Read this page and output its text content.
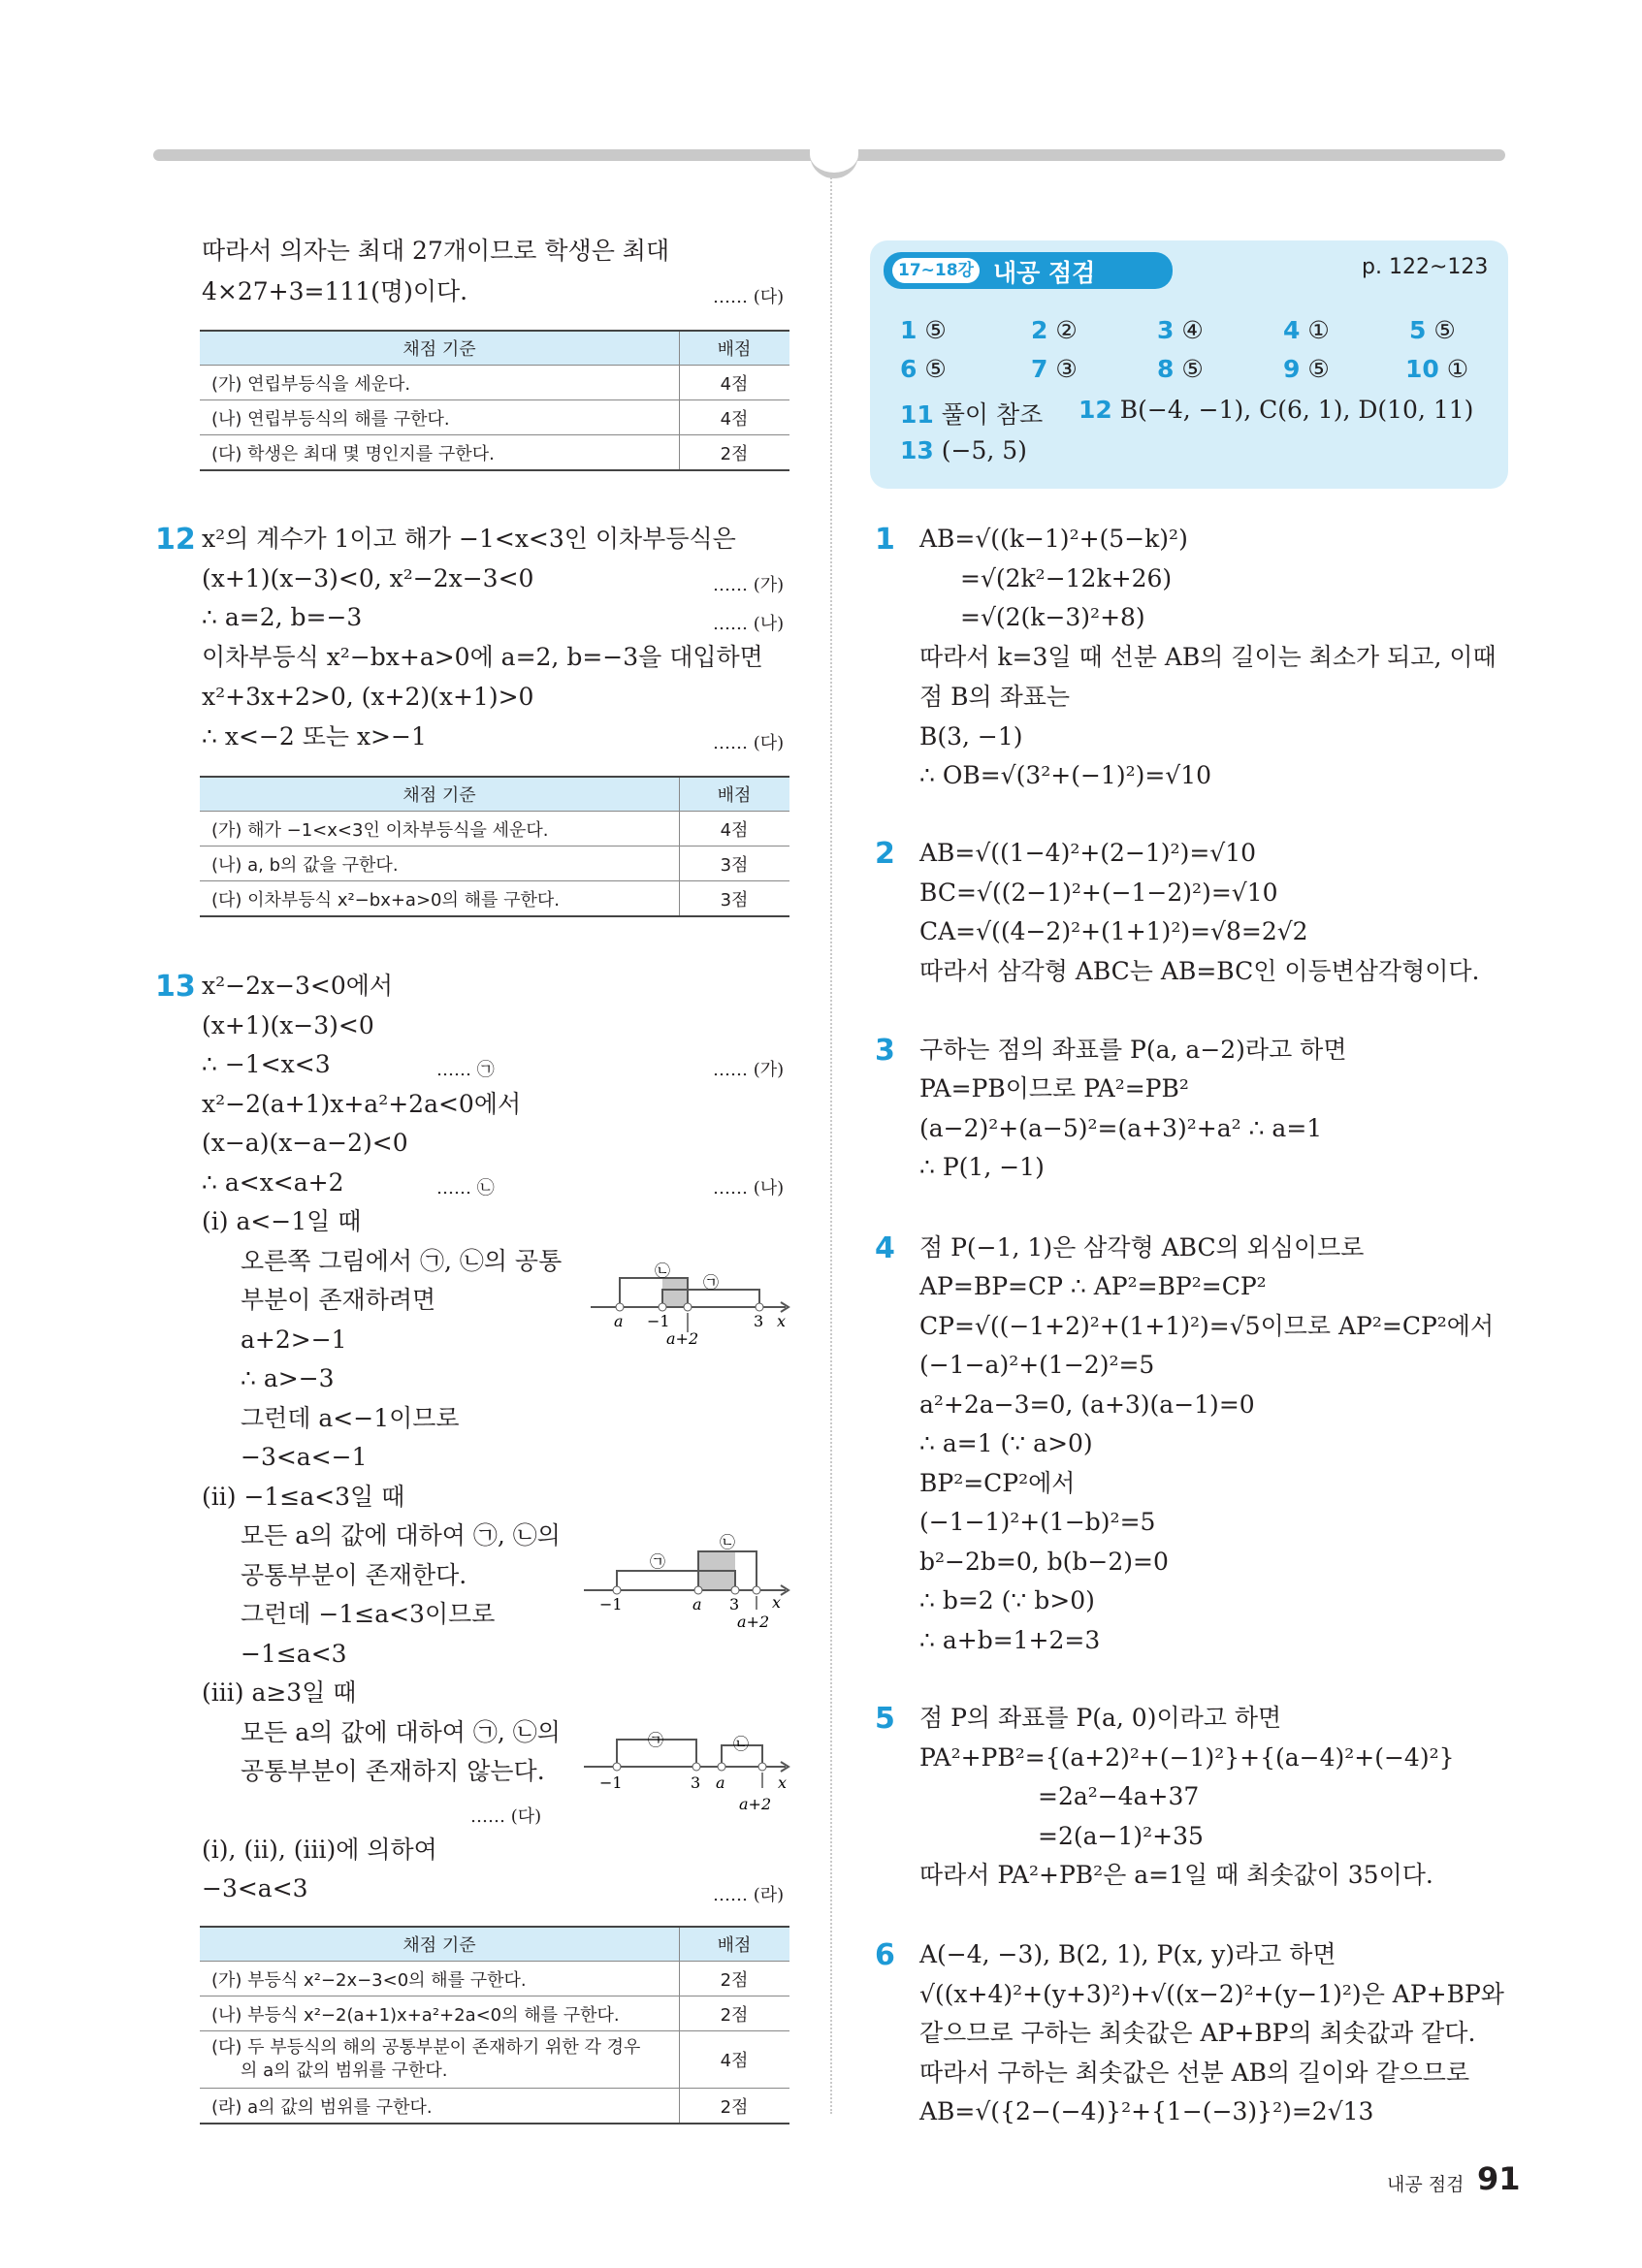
따라서 의자는 최대 27개이므로 학생은 최대
4×27+3=111(명)이다.	…… (다)
채점 기준	배점
(가) 연립부등식을 세운다.	4점
(나) 연립부등식의 해를 구한다.	4점
(다) 학생은 최대 몇 명인지를 구한다.	2점
12 x²의 계수가 1이고 해가 −1<x<3인 이차부등식은
(x+1)(x−3)<0, x²−2x−3<0
∴ a=2, b=−3
이차부등식 x²−bx+a>0에 a=2, b=−3을 대입하면
x²+3x+2>0, (x+2)(x+1)>0
∴ x<−2 또는 x>−1
…… (가)
…… (나)
…… (다)
채점 기준	배점
(가) 해가 −1<x<3인 이차부등식을 세운다.	4점
(나) a, b의 값을 구한다.	3점
(다) 이차부등식 x²−bx+a>0의 해를 구한다.	3점
13 x²−2x−3<0에서
(x+1)(x−3)<0
∴ −1<x<3
x²−2(a+1)x+a²+2a<0에서
(x−a)(x−a−2)<0
∴ a<x<a+2
(ⅰ) a<−1일 때
오른쪽 그림에서 ㉠, ㉡의 공통
부분이 존재하려면
a+2>−1
∴ a>−3
그런데 a<−1이므로
−3<a<−1
(ⅱ) −1≤a<3일 때
모든 a의 값에 대하여 ㉠, ㉡의
공통부분이 존재한다.
그런데 −1≤a<3이므로
−1≤a<3
(ⅲ) a≥3일 때
모든 a의 값에 대하여 ㉠, ㉡의
공통부분이 존재하지 않는다.
(ⅰ), (ⅱ), (ⅲ)에 의하여
−3<a<3
…… ㉠
…… ㉡
…… (가)
…… (나)
…… (다)
…… (라)
㉡
㉠
a −1	3 x
a+2
㉠
㉡
−1	a 3 x
a+2
㉠	㉡
−1	3 a	x
a+2
채점 기준	배점
(가) 부등식 x²−2x−3<0의 해를 구한다.	2점
(나) 부등식 x²−2(a+1)x+a²+2a<0의 해를 구한다.	2점

(다) 두 부등식의 해의 공통부분이 존재하기 위한 각 경우
의 a의 값의 범위를 구한다.	4점
(라) a의 값의 범위를 구한다.	2점
17~18강 내공 점검	p. 122~123
1 ⑤	2 ②	3 ④	4 ①	5 ⑤
6 ⑤	7 ③	8 ⑤	9 ⑤	10 ①
11 풀이 참조 12 B(−4, −1), C(6, 1), D(10, 11)
13 (−5, 5)
1 AB=√((k−1)²+(5−k)²)
=√(2k²−12k+26)
=√(2(k−3)²+8)
따라서 k=3일 때 선분 AB의 길이는 최소가 되고, 이때
점 B의 좌표는
B(3, −1)
∴ OB=√(3²+(−1)²)=√10
2 AB=√((1−4)²+(2−1)²)=√10
BC=√((2−1)²+(−1−2)²)=√10
CA=√((4−2)²+(1+1)²)=√8=2√2
따라서 삼각형 ABC는 AB=BC인 이등변삼각형이다.
3 구하는 점의 좌표를 P(a, a−2)라고 하면
PA=PB이므로 PA²=PB²
(a−2)²+(a−5)²=(a+3)²+a² ∴ a=1
∴ P(1, −1)
4 점 P(−1, 1)은 삼각형 ABC의 외심이므로
AP=BP=CP ∴ AP²=BP²=CP²
CP=√((−1+2)²+(1+1)²)=√5이므로 AP²=CP²에서
(−1−a)²+(1−2)²=5
a²+2a−3=0, (a+3)(a−1)=0
∴ a=1 (∵ a>0)
BP²=CP²에서
(−1−1)²+(1−b)²=5
b²−2b=0, b(b−2)=0
∴ b=2 (∵ b>0)
∴ a+b=1+2=3
5 점 P의 좌표를 P(a, 0)이라고 하면
PA²+PB²={(a+2)²+(−1)²}+{(a−4)²+(−4)²}
=2a²−4a+37
=2(a−1)²+35
따라서 PA²+PB²은 a=1일 때 최솟값이 35이다.
6 A(−4, −3), B(2, 1), P(x, y)라고 하면
√((x+4)²+(y+3)²)+√((x−2)²+(y−1)²)은 AP+BP와
같으므로 구하는 최솟값은 AP+BP의 최솟값과 같다.
따라서 구하는 최솟값은 선분 AB의 길이와 같으므로
AB=√({2−(−4)}²+{1−(−3)}²)=2√13
내공 점검 91
